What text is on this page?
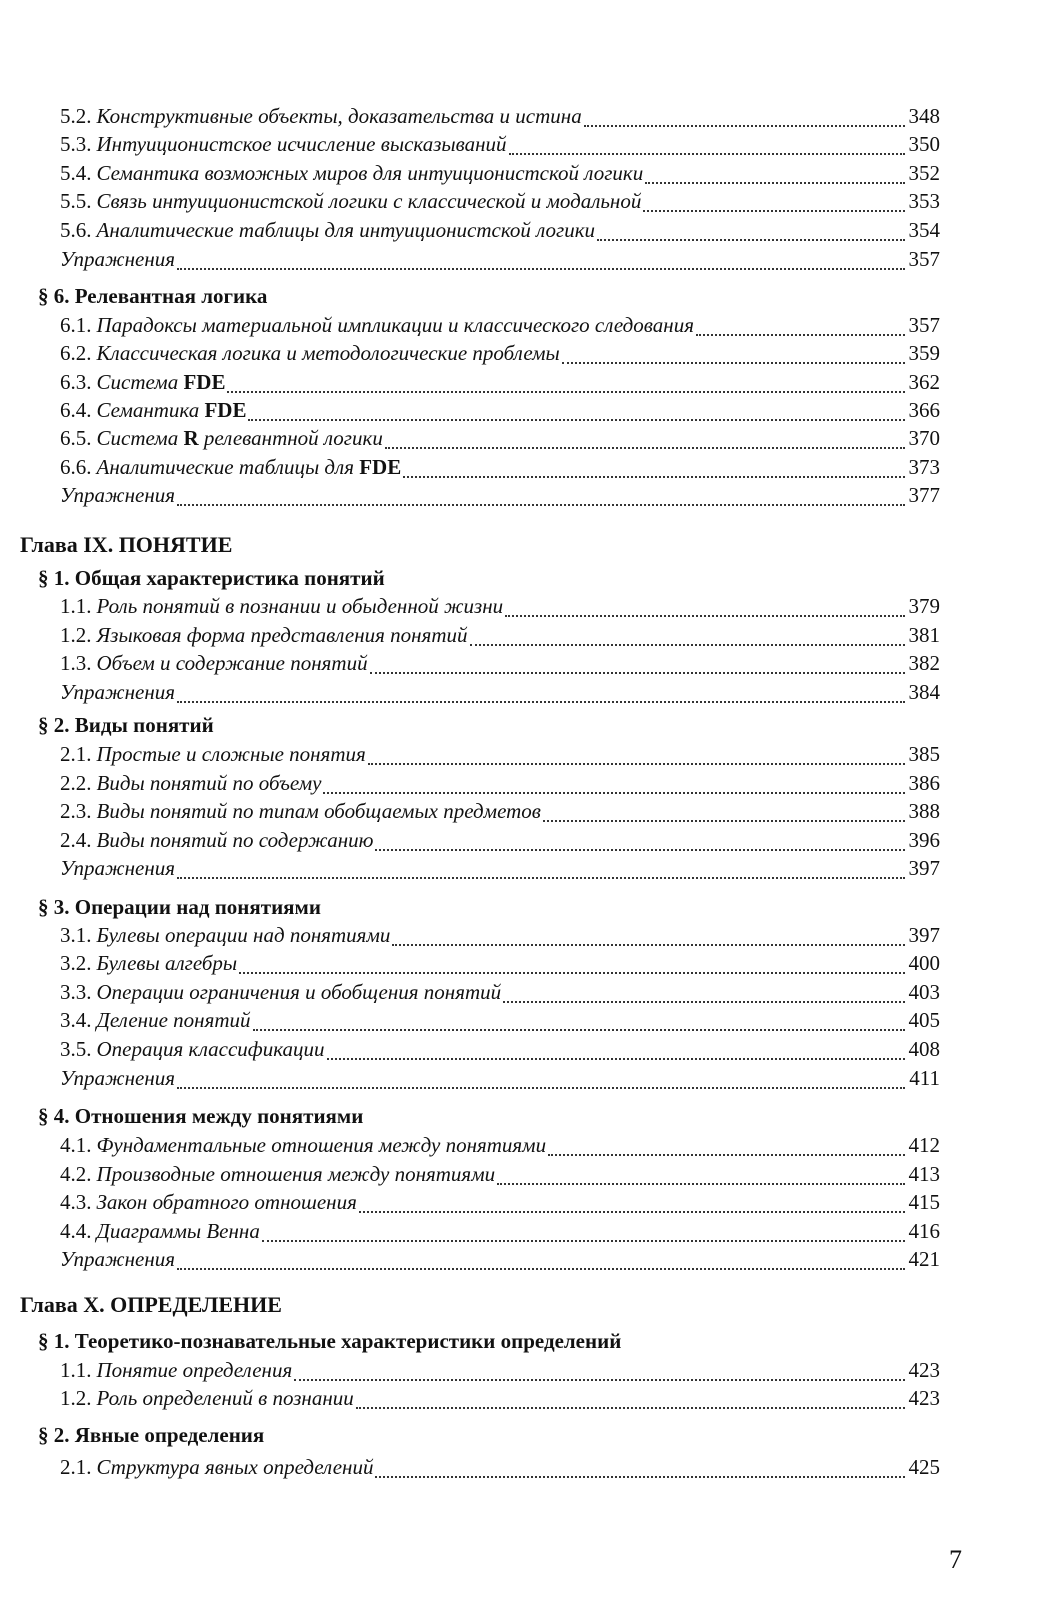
5.2. Конструктивные объекты, доказательства и истина	348
5.3. Интуиционистское исчисление высказываний	350
5.4. Семантика возможных миров для интуиционистской логики	352
5.5. Связь интуиционистской логики с классической и модальной	353
5.6. Аналитические таблицы для интуиционистской логики	354
Упражнения	357
§ 6. Релевантная логика
6.1. Парадоксы материальной импликации и классического следования	357
6.2. Классическая логика и методологические проблемы	359
6.3. Система FDE	362
6.4. Семантика FDE	366
6.5. Система R релевантной логики	370
6.6. Аналитические таблицы для FDE	373
Упражнения	377
Глава IX. ПОНЯТИЕ
§ 1. Общая характеристика понятий
1.1. Роль понятий в познании и обыденной жизни	379
1.2. Языковая форма представления понятий	381
1.3. Объем и содержание понятий	382
Упражнения	384
§ 2. Виды понятий
2.1. Простые и сложные понятия	385
2.2. Виды понятий по объему	386
2.3. Виды понятий по типам обобщаемых предметов	388
2.4. Виды понятий по содержанию	396
Упражнения	397
§ 3. Операции над понятиями
3.1. Булевы операции над понятиями	397
3.2. Булевы алгебры	400
3.3. Операции ограничения и обобщения понятий	403
3.4. Деление понятий	405
3.5. Операция классификации	408
Упражнения	411
§ 4. Отношения между понятиями
4.1. Фундаментальные отношения между понятиями	412
4.2. Производные отношения между понятиями	413
4.3. Закон обратного отношения	415
4.4. Диаграммы Венна	416
Упражнения	421
Глава X. ОПРЕДЕЛЕНИЕ
§ 1. Теоретико-познавательные характеристики определений
1.1. Понятие определения	423
1.2. Роль определений в познании	423
§ 2. Явные определения
2.1. Структура явных определений	425
7
